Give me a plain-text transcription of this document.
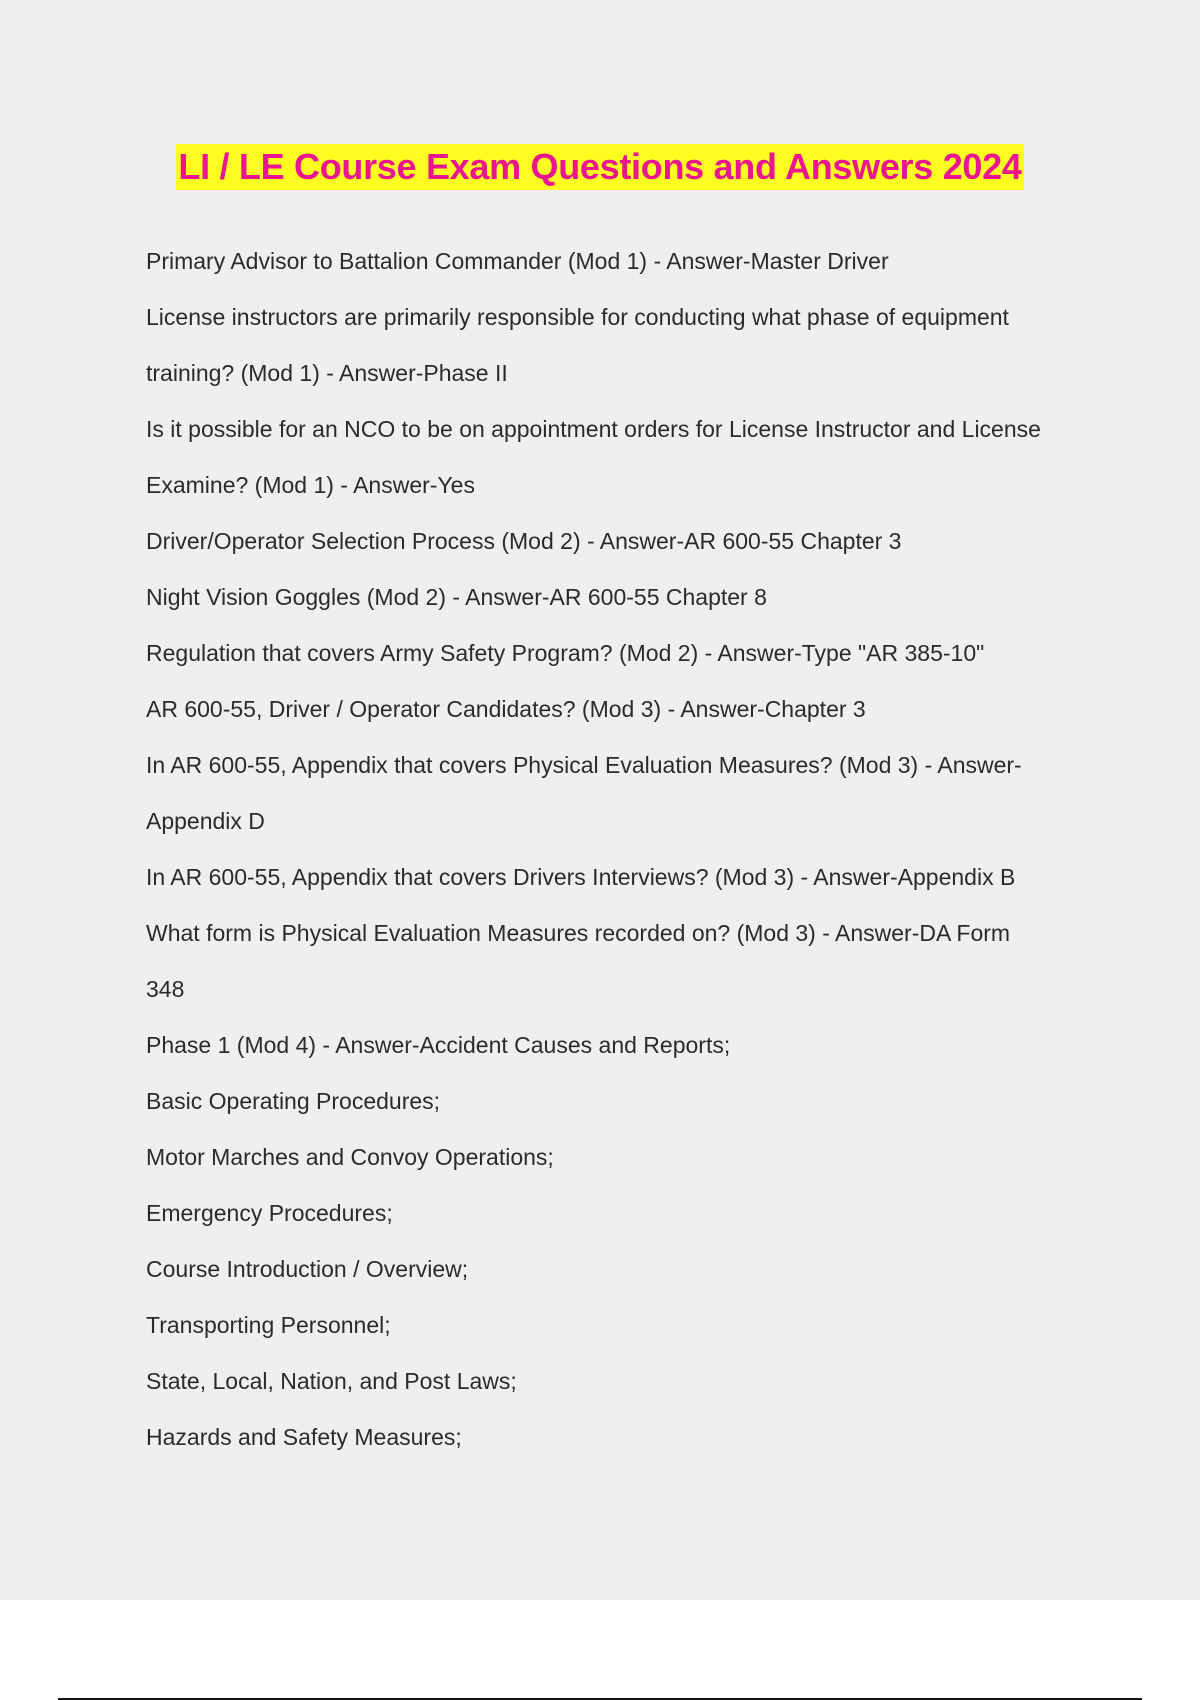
LI / LE Course Exam Questions and Answers 2024
Primary Advisor to Battalion Commander (Mod 1) - Answer-Master Driver
License instructors are primarily responsible for conducting what phase of equipment
training? (Mod 1) - Answer-Phase II
Is it possible for an NCO to be on appointment orders for License Instructor and License
Examine? (Mod 1) - Answer-Yes
Driver/Operator Selection Process (Mod 2) - Answer-AR 600-55 Chapter 3
Night Vision Goggles (Mod 2) - Answer-AR 600-55 Chapter 8
Regulation that covers Army Safety Program? (Mod 2) - Answer-Type "AR 385-10"
AR 600-55, Driver / Operator Candidates? (Mod 3) - Answer-Chapter 3
In AR 600-55, Appendix that covers Physical Evaluation Measures? (Mod 3) - Answer-
Appendix D
In AR 600-55, Appendix that covers Drivers Interviews? (Mod 3) - Answer-Appendix B
What form is Physical Evaluation Measures recorded on? (Mod 3) - Answer-DA Form
348
Phase 1 (Mod 4) - Answer-Accident Causes and Reports;
Basic Operating Procedures;
Motor Marches and Convoy Operations;
Emergency Procedures;
Course Introduction / Overview;
Transporting Personnel;
State, Local, Nation, and Post Laws;
Hazards and Safety Measures;
